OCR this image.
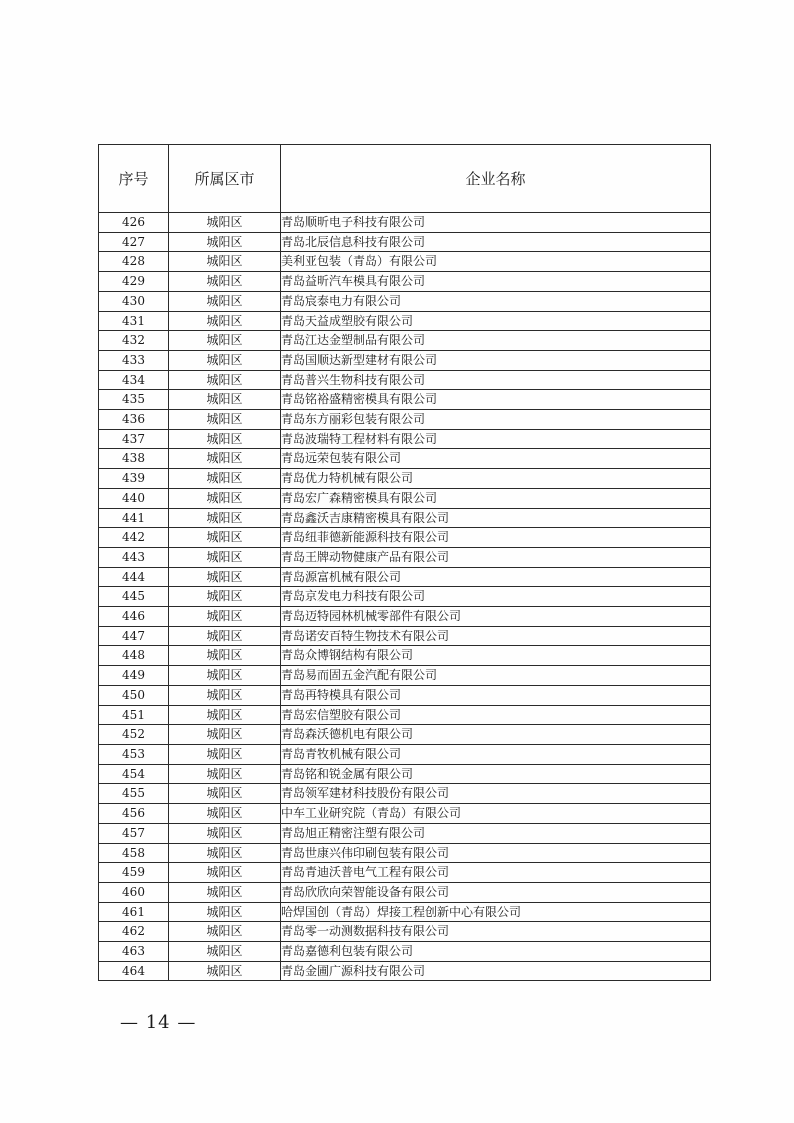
序号	所属区市	企业名称
426	城阳区	青岛顺昕电子科技有限公司
427	城阳区	青岛北辰信息科技有限公司
428	城阳区	美利亚包装（青岛）有限公司
429	城阳区	青岛益昕汽车模具有限公司
430	城阳区	青岛宸泰电力有限公司
431	城阳区	青岛天益成塑胶有限公司
432	城阳区	青岛江达金塑制品有限公司
433	城阳区	青岛国顺达新型建材有限公司
434	城阳区	青岛普兴生物科技有限公司
435	城阳区	青岛铭裕盛精密模具有限公司
436	城阳区	青岛东方丽彩包装有限公司
437	城阳区	青岛波瑞特工程材料有限公司
438	城阳区	青岛远荣包装有限公司
439	城阳区	青岛优力特机械有限公司
440	城阳区	青岛宏广森精密模具有限公司
441	城阳区	青岛鑫沃吉康精密模具有限公司
442	城阳区	青岛纽菲德新能源科技有限公司
443	城阳区	青岛王牌动物健康产品有限公司
444	城阳区	青岛源富机械有限公司
445	城阳区	青岛京发电力科技有限公司
446	城阳区	青岛迈特园林机械零部件有限公司
447	城阳区	青岛诺安百特生物技术有限公司
448	城阳区	青岛众博钢结构有限公司
449	城阳区	青岛易而固五金汽配有限公司
450	城阳区	青岛再特模具有限公司
451	城阳区	青岛宏信塑胶有限公司
452	城阳区	青岛森沃德机电有限公司
453	城阳区	青岛青牧机械有限公司
454	城阳区	青岛铭和锐金属有限公司
455	城阳区	青岛领军建材科技股份有限公司
456	城阳区	中车工业研究院（青岛）有限公司
457	城阳区	青岛旭正精密注塑有限公司
458	城阳区	青岛世康兴伟印刷包装有限公司
459	城阳区	青岛青迪沃普电气工程有限公司
460	城阳区	青岛欣欣向荣智能设备有限公司
461	城阳区	哈焊国创（青岛）焊接工程创新中心有限公司
462	城阳区	青岛零一动测数据科技有限公司
463	城阳区	青岛嘉德利包装有限公司
464	城阳区	青岛金圃广源科技有限公司
— 14 —
